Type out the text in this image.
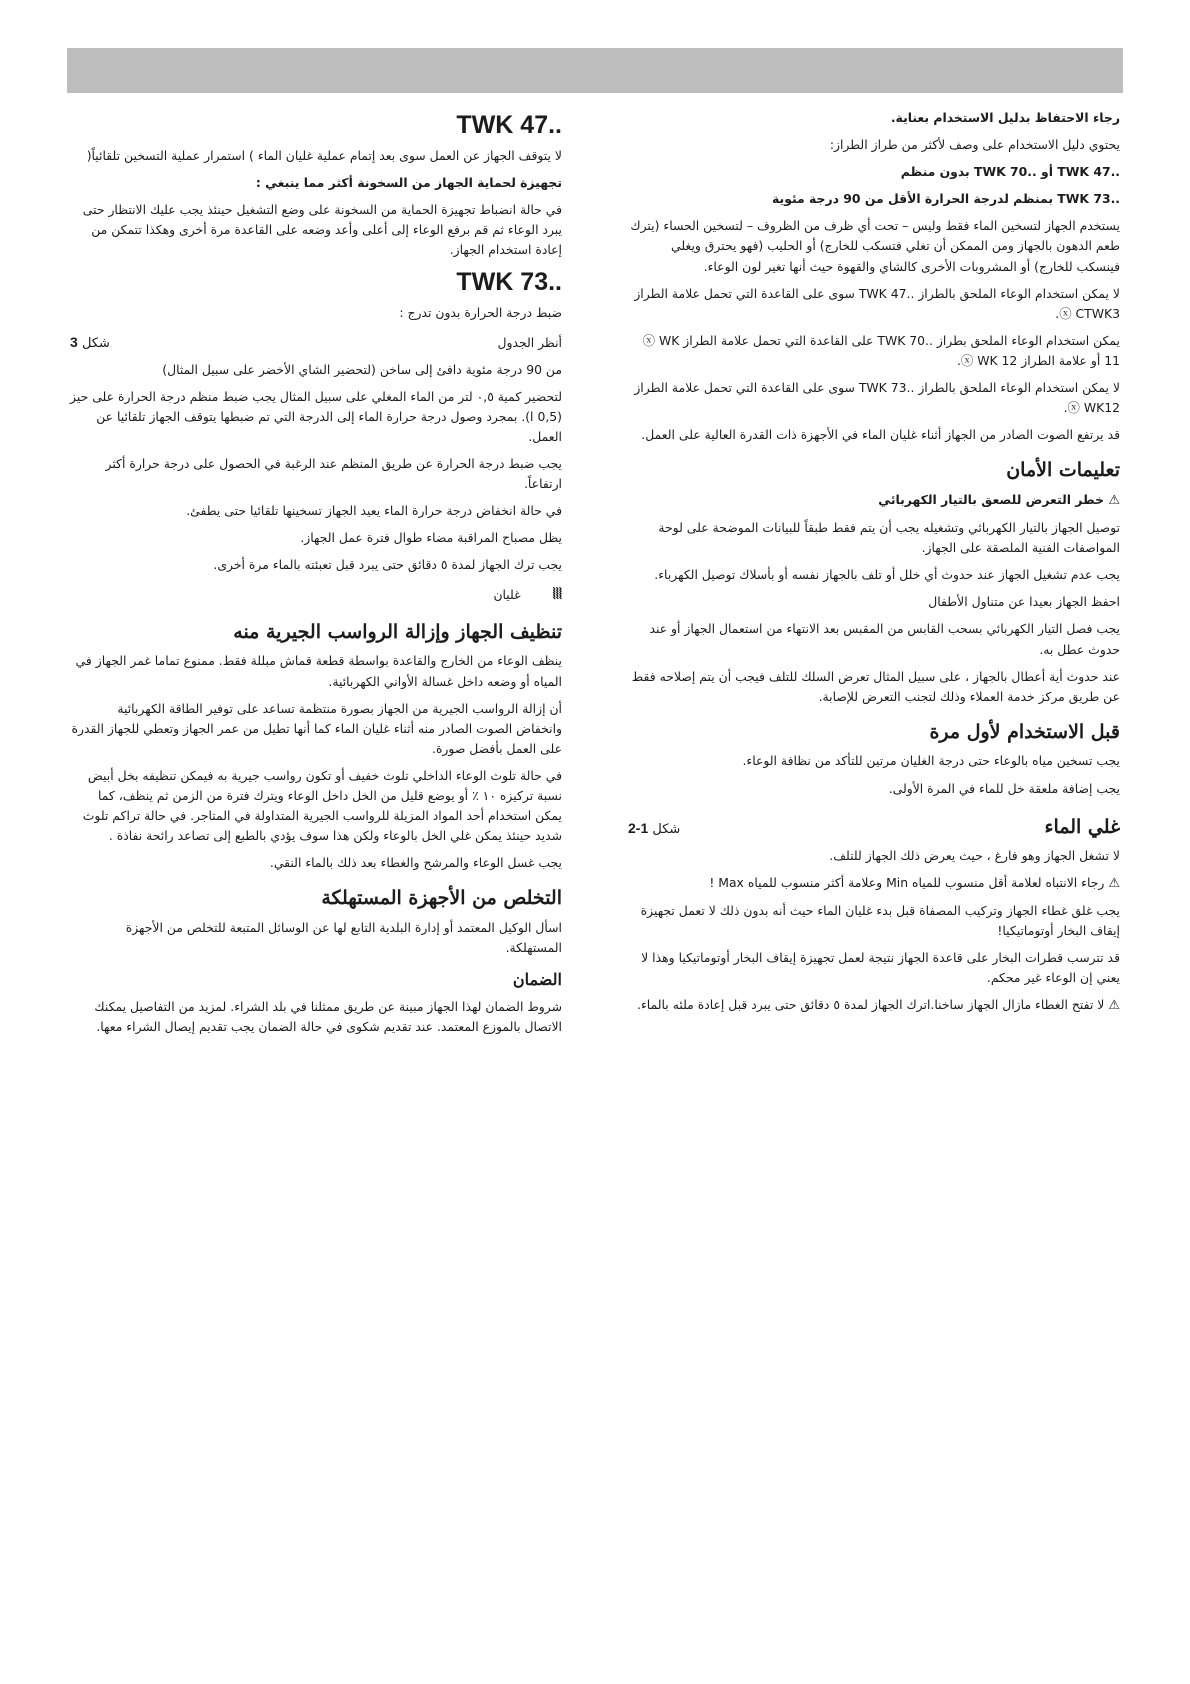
رجاء الاحتفاظ بدليل الاستخدام بعناية.

يحتوي دليل الاستخدام على وصف لأكثر من طراز الطراز:

..TWK 47 أو ..TWK 70 بدون منظم

..TWK 73 بمنظم لدرجة الحرارة الأقل من 90 درجة مئوية

يستخدم الجهاز لتسخين الماء فقط وليس – تحت أي ظرف من الظروف – لتسخين الحساء (يترك طعم الدهون بالجهاز ومن الممكن أن تغلي فتسكب للخارج) أو الحليب (فهو يحترق ويغلي فينسكب للخارج) أو المشروبات الأخرى كالشاي والقهوة حيث أنها تغير لون الوعاء.

لا يمكن استخدام الوعاء الملحق بالطراز ..TWK 47 سوى على القاعدة التي تحمل علامة الطراز ⓧ CTWK3.

يمكن استخدام الوعاء الملحق بطراز ..TWK 70 على القاعدة التي تحمل علامة الطراز ⓧ WK 11 أو علامة الطراز ⓧ WK 12.

لا يمكن استخدام الوعاء الملحق بالطراز ..TWK 73 سوى على القاعدة التي تحمل علامة الطراز ⓧ WK12.

قد يرتفع الصوت الصادر من الجهاز أثناء غليان الماء في الأجهزة ذات القدرة العالية على العمل.

تعليمات الأمان

⚠ خطر التعرض للصعق بالتيار الكهربائي

توصيل الجهاز بالتيار الكهربائي وتشغيله يجب أن يتم فقط طبقاً للبيانات الموضحة على لوحة المواصفات الفنية الملصقة على الجهاز.

يجب عدم تشغيل الجهاز عند حدوث أي خلل أو تلف بالجهاز نفسه أو بأسلاك توصيل الكهرباء.

احفظ الجهاز بعيدا عن متناول الأطفال

يجب فصل التيار الكهربائي بسحب القابس من المقبس بعد الانتهاء من استعمال الجهاز أو عند حدوث عطل به.

عند حدوث أية أعطال بالجهاز ، على سبيل المثال تعرض السلك للتلف فيجب أن يتم إصلاحه فقط عن طريق مركز خدمة العملاء وذلك لتجنب التعرض للإصابة.

قبل الاستخدام لأول مرة

يجب تسخين مياه بالوعاء حتى درجة الغليان مرتين للتأكد من نظافة الوعاء.

يجب إضافة ملعقة خل للماء في المرة الأولى.

غلي الماء
شكل 1-2

لا تشغل الجهاز وهو فارغ ، حيث يعرض ذلك الجهاز للتلف.

⚠ رجاء الانتباه لعلامة أقل منسوب للمياه Min وعلامة أكثر منسوب للمياه Max !

يجب غلق غطاء الجهاز وتركيب المصفاة قبل بدء غليان الماء حيث أنه بدون ذلك لا تعمل تجهيزة إيقاف البخار أوتوماتيكيا!

قد تترسب قطرات البخار على قاعدة الجهاز نتيجة لعمل تجهيزة إيقاف البخار أوتوماتيكيا وهذا لا يعني إن الوعاء غير محكم.

⚠ لا تفتح الغطاء مازال الجهاز ساخنا.اترك الجهاز لمدة ٥ دقائق حتى يبرد قبل إعادة ملئه بالماء.

TWK 47..

لا يتوقف الجهاز عن العمل سوى بعد إتمام عملية غليان الماء ) استمرار عملية التسخين تلقائياً(

تجهيزة لحماية الجهاز من السخونة أكثر مما ينبغي :

في حالة انضباط تجهيزة الحماية من السخونة على وضع التشغيل حينئذ يجب عليك الانتظار حتى يبرد الوعاء ثم قم برفع الوعاء إلى أعلى وأعد وضعه على القاعدة مرة أخرى وهكذا تتمكن من إعادة استخدام الجهاز.

TWK 73..

ضبط درجة الحرارة بدون تدرج :

أنظر الجدول
شكل 3

من 90 درجة مئوية دافئ إلى ساخن (لتحضير الشاي الأخضر على سبيل المثال)

لتحضير كمية ٠,٥ لتر من الماء المغلي على سبيل المثال يجب ضبط منظم درجة الحرارة على حيز (0,5 l). بمجرد وصول درجة حرارة الماء إلى الدرجة التي تم ضبطها يتوقف الجهاز تلقائيا عن العمل.

يجب ضبط درجة الحرارة عن طريق المنظم عند الرغبة في الحصول على درجة حرارة أكثر ارتفاعاً.

في حالة انخفاض درجة حرارة الماء يعيد الجهاز تسخينها تلقائيا حتى يطفئ.

يظل مصباح المراقبة مضاء طوال فترة عمل الجهاز.

يجب ترك الجهاز لمدة ٥ دقائق حتى يبرد قبل تعبئته بالماء مرة أخرى.

⦚⦚⦚ غليان

تنظيف الجهاز وإزالة الرواسب الجيرية منه

ينظف الوعاء من الخارج والقاعدة بواسطة قطعة قماش مبللة فقط. ممنوع تماما غمر الجهاز في المياه أو وضعه داخل غسالة الأواني الكهربائية.

أن إزالة الرواسب الجيرية من الجهاز بصورة منتظمة تساعد على توفير الطاقة الكهربائية وانخفاض الصوت الصادر منه أثناء غليان الماء كما أنها تطيل من عمر الجهاز وتعطي للجهاز القدرة على العمل بأفضل صورة.

في حالة تلوث الوعاء الداخلي تلوث خفيف أو تكون رواسب جيرية به فيمكن تنظيفه بخل أبيض نسبة تركيزه ١٠ ٪ أو يوضع قليل من الخل داخل الوعاء ويترك فترة من الزمن ثم ينظف، كما يمكن استخدام أحد المواد المزيلة للرواسب الجيرية المتداولة في المتاجر. في حالة تراكم تلوث شديد حينئذ يمكن غلي الخل بالوعاء ولكن هذا سوف يؤدي بالطبع إلى تصاعد رائحة نفاذة .

يجب غسل الوعاء والمرشح والغطاء بعد ذلك بالماء النقي.

التخلص من الأجهزة المستهلكة

اسأل الوكيل المعتمد أو إدارة البلدية التابع لها عن الوسائل المتبعة للتخلص من الأجهزة المستهلكة.

الضمان

شروط الضمان لهذا الجهاز مبينة عن طريق ممثلنا في بلد الشراء. لمزيد من التفاصيل يمكنك الاتصال بالموزع المعتمد. عند تقديم شكوى في حالة الضمان يجب تقديم إيصال الشراء معها.
